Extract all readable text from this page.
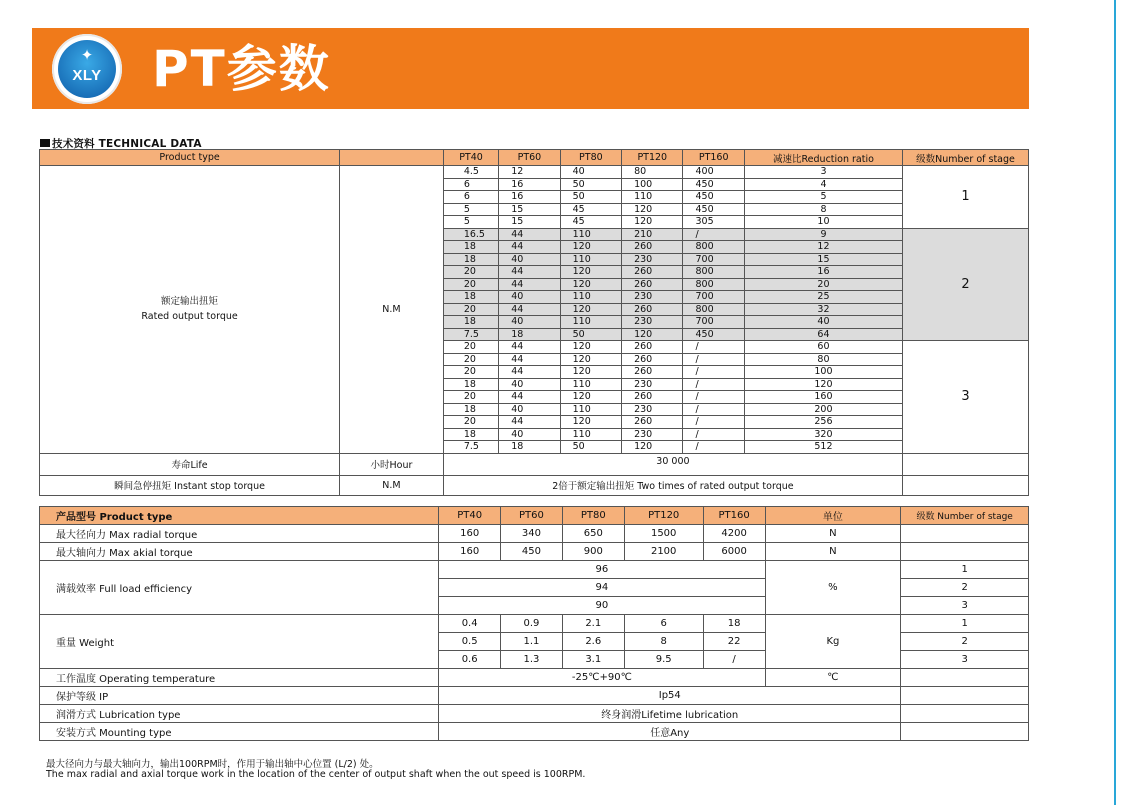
✦
XLY PT参数
技术资料 TECHNICAL DATA
Product type		PT40	PT60	PT80	PT120	PT160	减速比Reduction ratio	级数Number of stage

额定输出扭矩
Rated output torque	N.M	4.5	12	40	80	400	3	1
		6	16	50	100	450	4	
		6	16	50	110	450	5	
		5	15	45	120	450	8	
		5	15	45	120	305	10	
		16.5	44	110	210	/	9	2
		18	44	120	260	800	12	
		18	40	110	230	700	15	
		20	44	120	260	800	16	
		20	44	120	260	800	20	
		18	40	110	230	700	25	
		20	44	120	260	800	32	
		18	40	110	230	700	40	
		7.5	18	50	120	450	64	
		20	44	120	260	/	60	3
		20	44	120	260	/	80	
		20	44	120	260	/	100	
		18	40	110	230	/	120	
		20	44	120	260	/	160	
		18	40	110	230	/	200	
		20	44	120	260	/	256	
		18	40	110	230	/	320	
		7.5	18	50	120	/	512	
寿命Life	小时Hour	30 000						
瞬间急停扭矩 Instant stop torque	N.M	2倍于额定输出扭矩 Two times of rated output torque						
产品型号 Product type	PT40	PT60	PT80	PT120	PT160	单位	级数 Number of stage
最大径向力 Max radial torque	160	340	650	1500	4200	N	
最大轴向力 Max akial torque	160	450	900	2100	6000	N	
满载效率 Full load efficiency	96					%	1
	94						2
	90						3
重量 Weight	0.4	0.9	2.1	6	18	Kg	1
	0.5	1.1	2.6	8	22		2
	0.6	1.3	3.1	9.5	/		3
工作温度 Operating temperature	-25℃+90℃					℃	
保护等级 IP	Ip54						
润滑方式 Lubrication type	终身润滑Lifetime lubrication						
安装方式 Mounting type	任意Any						
最大径向力与最大轴向力，输出100RPM时，作用于输出轴中心位置 (L/2) 处。
The max radial and axial torque work in the location of the center of output shaft when the out speed is 100RPM.
